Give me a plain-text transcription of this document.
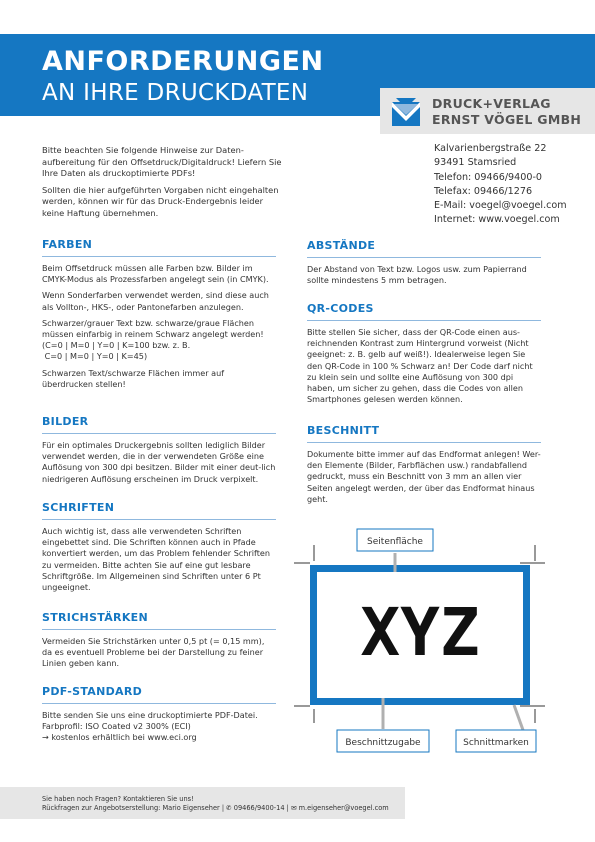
ANFORDERUNGEN
AN IHRE DRUCKDATEN	DRUCK+VERLAG
ERNST VÖGEL GMBH
Kalvarienbergstraße 22
93491 Stamsried
Telefon: 09466/9400-0
Telefax: 09466/1276
E-Mail: voegel@voegel.com
Internet: www.voegel.com

Bitte beachten Sie folgende Hinweise zur Daten-aufbereitung für den Offsetdruck/Digitaldruck! Liefern Sie Ihre Daten als druckoptimierte PDFs!

Sollten die hier aufgeführten Vorgaben nicht eingehalten werden, können wir für das Druck-Endergebnis leider keine Haftung übernehmen.

FARBEN

Beim Offsetdruck müssen alle Farben bzw. Bilder im CMYK-Modus als Prozessfarben angelegt sein (in CMYK).

Wenn Sonderfarben verwendet werden, sind diese auch als Vollton-, HKS-, oder Pantonefarben anzulegen.

Schwarzer/grauer Text bzw. schwarze/graue Flächen müssen einfarbig in reinem Schwarz angelegt werden!

(C=0 | M=0 | Y=0 | K=100 bzw. z. B.
C=0 | M=0 | Y=0 | K=45)

Schwarzen Text/schwarze Flächen immer auf überdrucken stellen!

BILDER

Für ein optimales Druckergebnis sollten lediglich Bilder verwendet werden, die in der verwendeten Größe eine Auflösung von 300 dpi besitzen. Bilder mit einer deut-lich niedrigeren Auflösung erscheinen im Druck verpixelt.

SCHRIFTEN

Auch wichtig ist, dass alle verwendeten Schriften eingebettet sind. Die Schriften können auch in Pfade konvertiert werden, um das Problem fehlender Schriften zu vermeiden. Bitte achten Sie auf eine gut lesbare Schriftgröße. Im Allgemeinen sind Schriften unter 6 Pt ungeeignet.

STRICHSTÄRKEN

Vermeiden Sie Strichstärken unter 0,5 pt (= 0,15 mm), da es eventuell Probleme bei der Darstellung zu feiner Linien geben kann.

PDF-STANDARD
Bitte senden Sie uns eine druckoptimierte PDF-Datei.
Farbprofil: ISO Coated v2 300% (ECI)
→ kostenlos erhältlich bei www.eci.org
ABSTÄNDE

Der Abstand von Text bzw. Logos usw. zum Papierrand sollte mindestens 5 mm betragen.

QR-CODES

Bitte stellen Sie sicher, dass der QR-Code einen aus-reichnenden Kontrast zum Hintergrund vorweist (Nicht geeignet: z. B. gelb auf weiß!). Idealerweise legen Sie den QR-Code in 100 % Schwarz an! Der Code darf nicht zu klein sein und sollte eine Auflösung von 300 dpi haben, um sicher zu gehen, dass die Codes von allen Smartphones gelesen werden können.

BESCHNITT

Dokumente bitte immer auf das Endformat anlegen! Wer-den Elemente (Bilder, Farbflächen usw.) randabfallend gedruckt, muss ein Beschnitt von 3 mm an allen vier Seiten angelegt werden, der über das Endformat hinaus geht.

XYZ
Seitenfläche
Beschnittzugabe	Schnittmarken
Sie haben noch Fragen? Kontaktieren Sie uns!
Rückfragen zur Angebotserstellung: Mario Eigenseher | ✆ 09466/9400-14 | ✉ m.eigenseher@voegel.com
